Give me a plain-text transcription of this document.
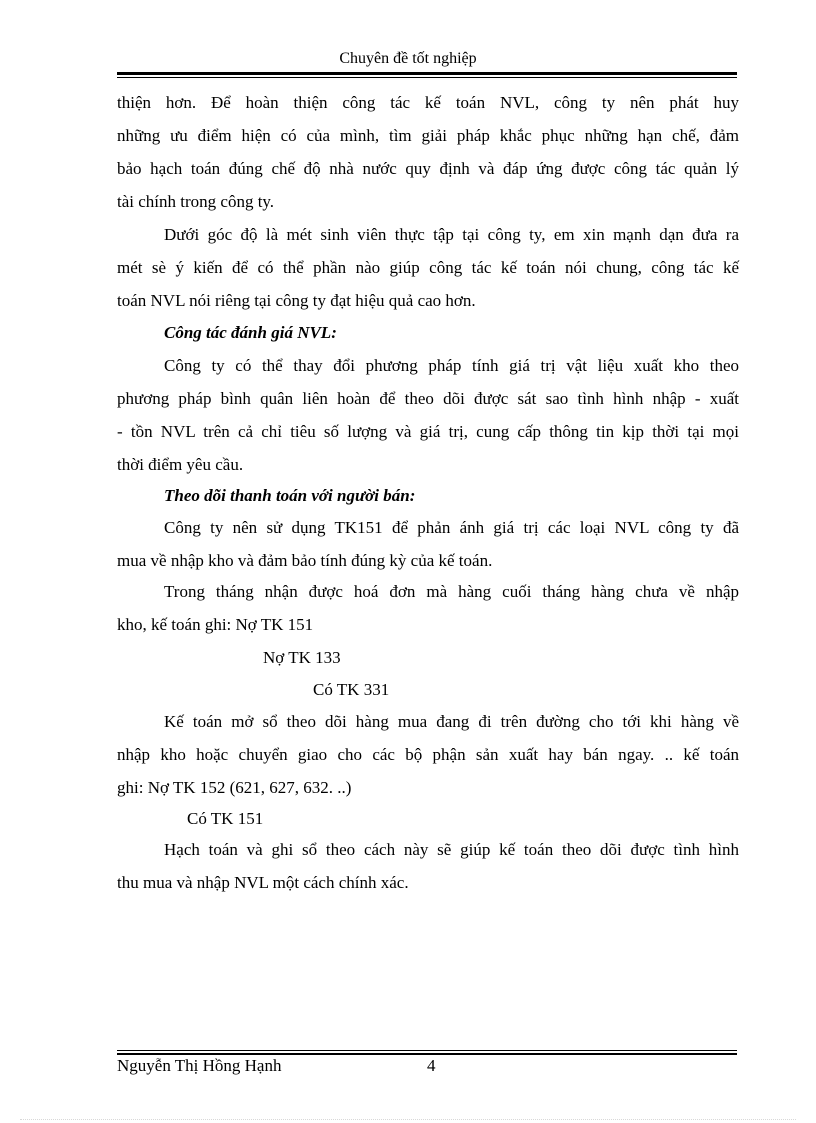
Chuyên đề tốt nghiệp
thiện hơn. Để hoàn thiện công tác kế toán NVL, công ty nên phát huy
những ưu điểm hiện có của mình, tìm giải pháp khắc phục những hạn chế, đảm
bảo hạch toán đúng chế độ nhà nước quy định và đáp ứng được công tác quản lý
tài chính trong công ty.
Dưới góc độ là mét sinh viên thực tập tại công ty, em xin mạnh dạn đưa ra
mét sè ý kiến để có thể phần nào giúp công tác kế toán nói chung, công tác kế
toán NVL nói riêng tại công ty đạt hiệu quả cao hơn.
Công tác đánh giá NVL:
Công ty có thể thay đổi phương pháp tính giá trị vật liệu xuất kho theo
phương pháp bình quân liên hoàn để theo dõi được sát sao tình hình nhập - xuất
- tồn NVL trên cả chỉ tiêu số lượng và giá trị, cung cấp thông tin kịp thời tại mọi
thời điểm yêu cầu.
Theo dõi thanh toán với người bán:
Công ty nên sử dụng TK151 để phản ánh giá trị các loại NVL công ty đã
mua về nhập kho và đảm bảo tính đúng kỳ của kế toán.
Trong tháng nhận được hoá đơn mà hàng cuối tháng hàng chưa về nhập
kho, kế toán ghi: Nợ TK 151
Nợ TK 133
Có TK 331
Kế toán mở sổ theo dõi hàng mua đang đi trên đường cho tới khi hàng về
nhập kho hoặc chuyển giao cho các bộ phận sản xuất hay bán ngay. .. kế toán
ghi: Nợ TK 152 (621, 627, 632. ..)
Có TK 151
Hạch toán và ghi sổ theo cách này sẽ giúp kế toán theo dõi được tình hình
thu mua và nhập NVL một cách chính xác.
Nguyễn Thị Hồng Hạnh	4
